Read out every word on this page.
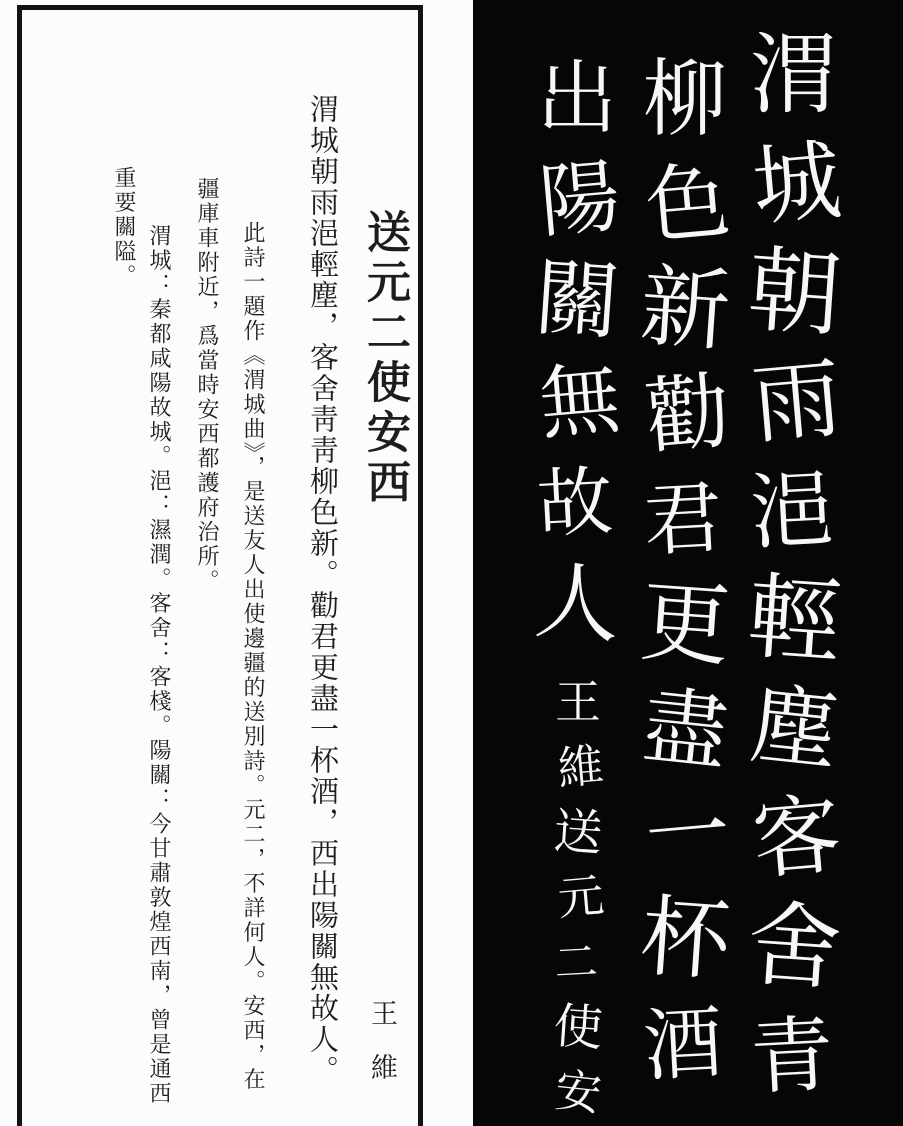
送元二使安西
渭城朝雨浥輕塵，客舍靑靑柳色新。勸君更盡一杯酒，西出陽關無故人。
此詩一題作《渭城曲》，是送友人出使邊疆的送別詩。元二，不詳何人。安西，在
疆庫車附近，爲當時安西都護府治所。
渭城：秦都咸陽故城。浥：濕潤。客舍：客棧。陽關：今甘肅敦煌西南，曾是通西
重要關隘。
王維
渭
城
朝
雨
浥
輕
塵
客
舍
青
柳
色
新
勸
君
更
盡
一
杯
酒
出
陽
關
無
故
人
王
維
送
元
二
使
安
